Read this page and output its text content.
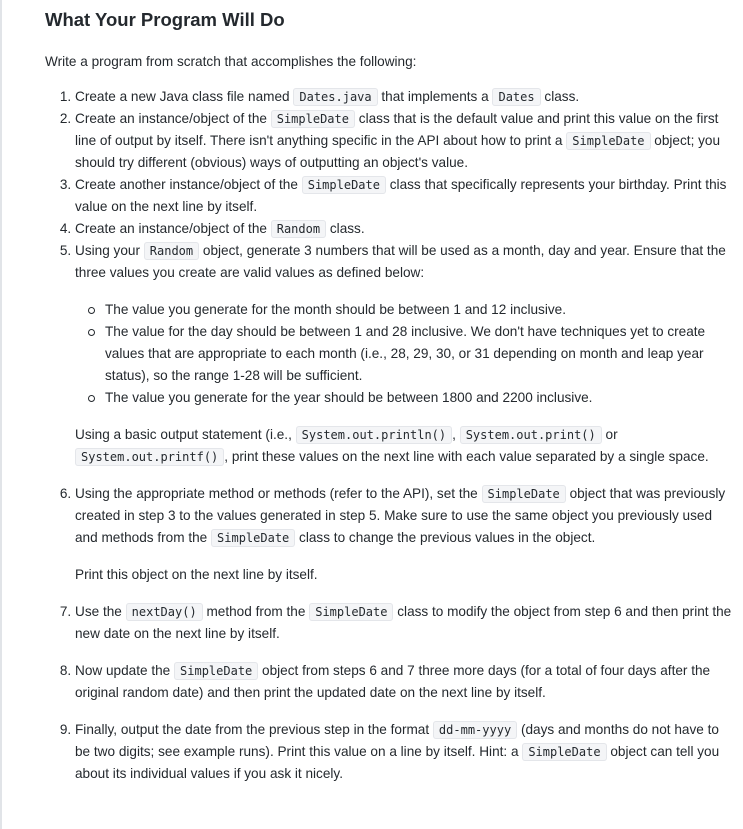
What Your Program Will Do

Write a program from scratch that accomplishes the following:

1. Create a new Java class file named Dates.java that implements a Dates class.
2. Create an instance/object of the SimpleDate class that is the default value and print this value on the first line of output by itself. There isn't anything specific in the API about how to print a SimpleDate object; you should try different (obvious) ways of outputting an object's value.
3. Create another instance/object of the SimpleDate class that specifically represents your birthday. Print this value on the next line by itself.
4. Create an instance/object of the Random class.

5. Using your Random object, generate 3 numbers that will be used as a month, day and year. Ensure that the three values you create are valid values as defined below:

The value you generate for the month should be between 1 and 12 inclusive.
The value for the day should be between 1 and 28 inclusive. We don't have techniques yet to create values that are appropriate to each month (i.e., 28, 29, 30, or 31 depending on month and leap year status), so the range 1-28 will be sufficient.
The value you generate for the year should be between 1800 and 2200 inclusive.

Using a basic output statement (i.e., System.out.println() , System.out.print() or System.out.printf() , print these values on the next line with each value separated by a single space.

6. Using the appropriate method or methods (refer to the API), set the SimpleDate object that was previously created in step 3 to the values generated in step 5. Make sure to use the same object you previously used and methods from the SimpleDate class to change the previous values in the object.

Print this object on the next line by itself.

7. Use the nextDay() method from the SimpleDate class to modify the object from step 6 and then print the new date on the next line by itself.
8. Now update the SimpleDate object from steps 6 and 7 three more days (for a total of four days after the original random date) and then print the updated date on the next line by itself.
9. Finally, output the date from the previous step in the format dd-mm-yyyy (days and months do not have to be two digits; see example runs). Print this value on a line by itself. Hint: a SimpleDate object can tell you about its individual values if you ask it nicely.
